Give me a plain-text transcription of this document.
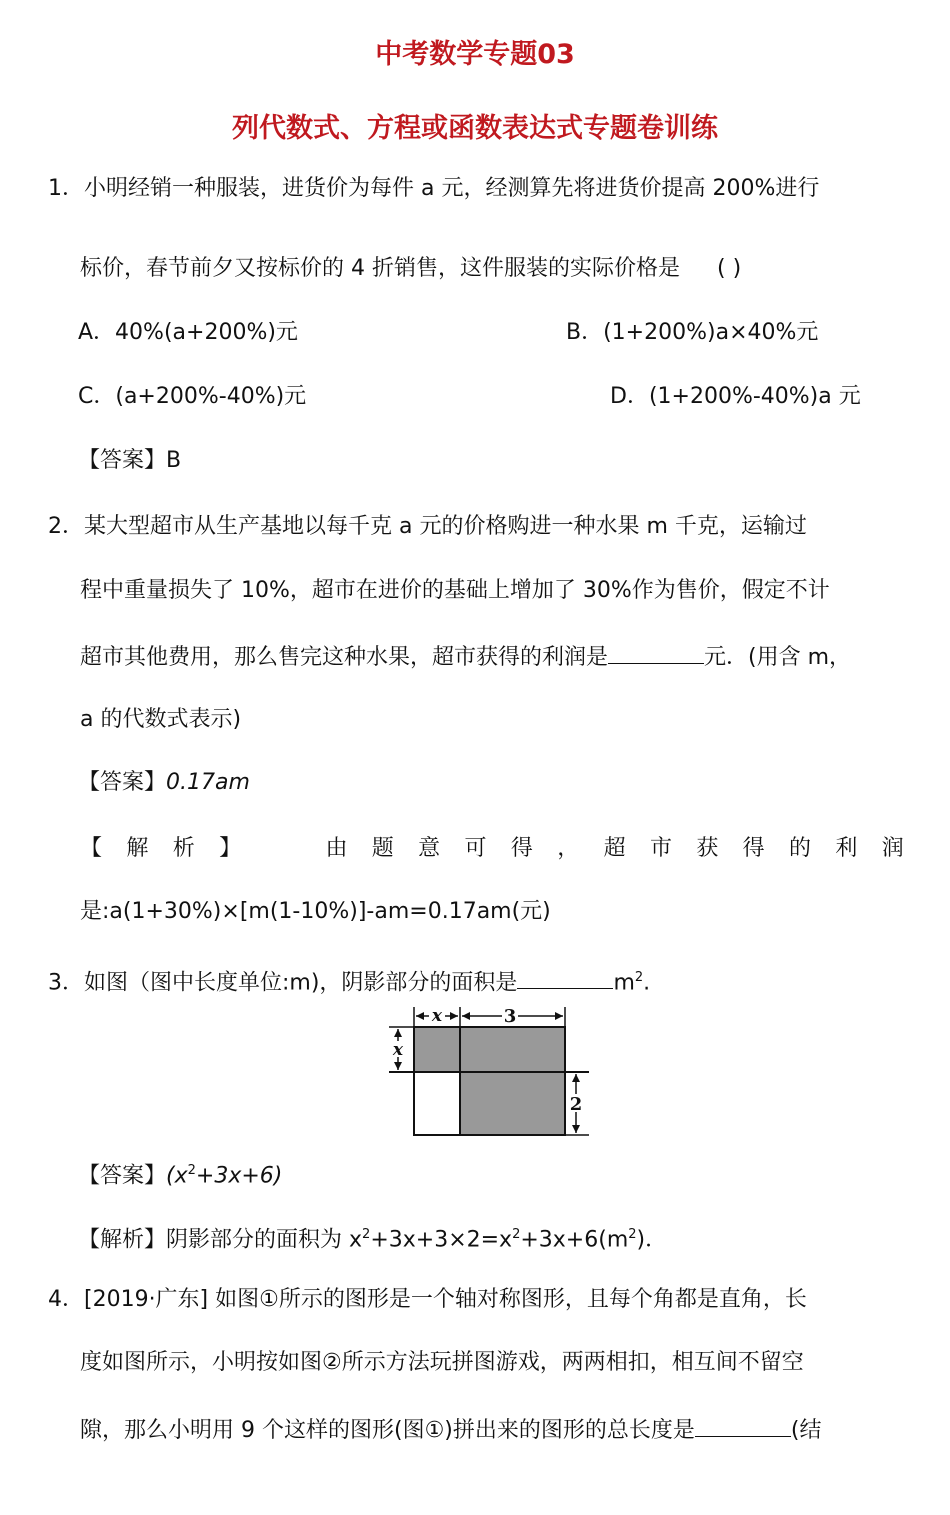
中考数学专题03
列代数式、方程或函数表达式专题卷训练
1．小明经销一种服装，进货价为每件 a 元，经测算先将进货价提高 200%进行
标价，春节前夕又按标价的 4 折销售，这件服装的实际价格是 ( )
A．40%(a+200%)元	B．(1+200%)a×40%元
C．(a+200%-40%)元	D．(1+200%-40%)a 元
【答案】B
2．某大型超市从生产基地以每千克 a 元的价格购进一种水果 m 千克，运输过
程中重量损失了 10%，超市在进价的基础上增加了 30%作为售价，假定不计
超市其他费用，那么售完这种水果，超市获得的利润是	元．(用含 m，
a 的代数式表示)
【答案】0.17am
【 解 析 】	由 题 意 可 得 ， 超 市 获 得 的 利 润
是:a(1+30%)×[m(1-10%)]-am=0.17am(元)
3．如图（图中长度单位:m)，阴影部分的面积是	$m^2$.
x	3
x
2
【答案】$(x^2+3x+6)$
【解析】阴影部分的面积为 $x^2+3x+3\times 2=x^2+3x+6(m^2)$．
4．[2019·广东] 如图①所示的图形是一个轴对称图形，且每个角都是直角，长
度如图所示，小明按如图②所示方法玩拼图游戏，两两相扣，相互间不留空
隙，那么小明用 9 个这样的图形(图①)拼出来的图形的总长度是	(结
